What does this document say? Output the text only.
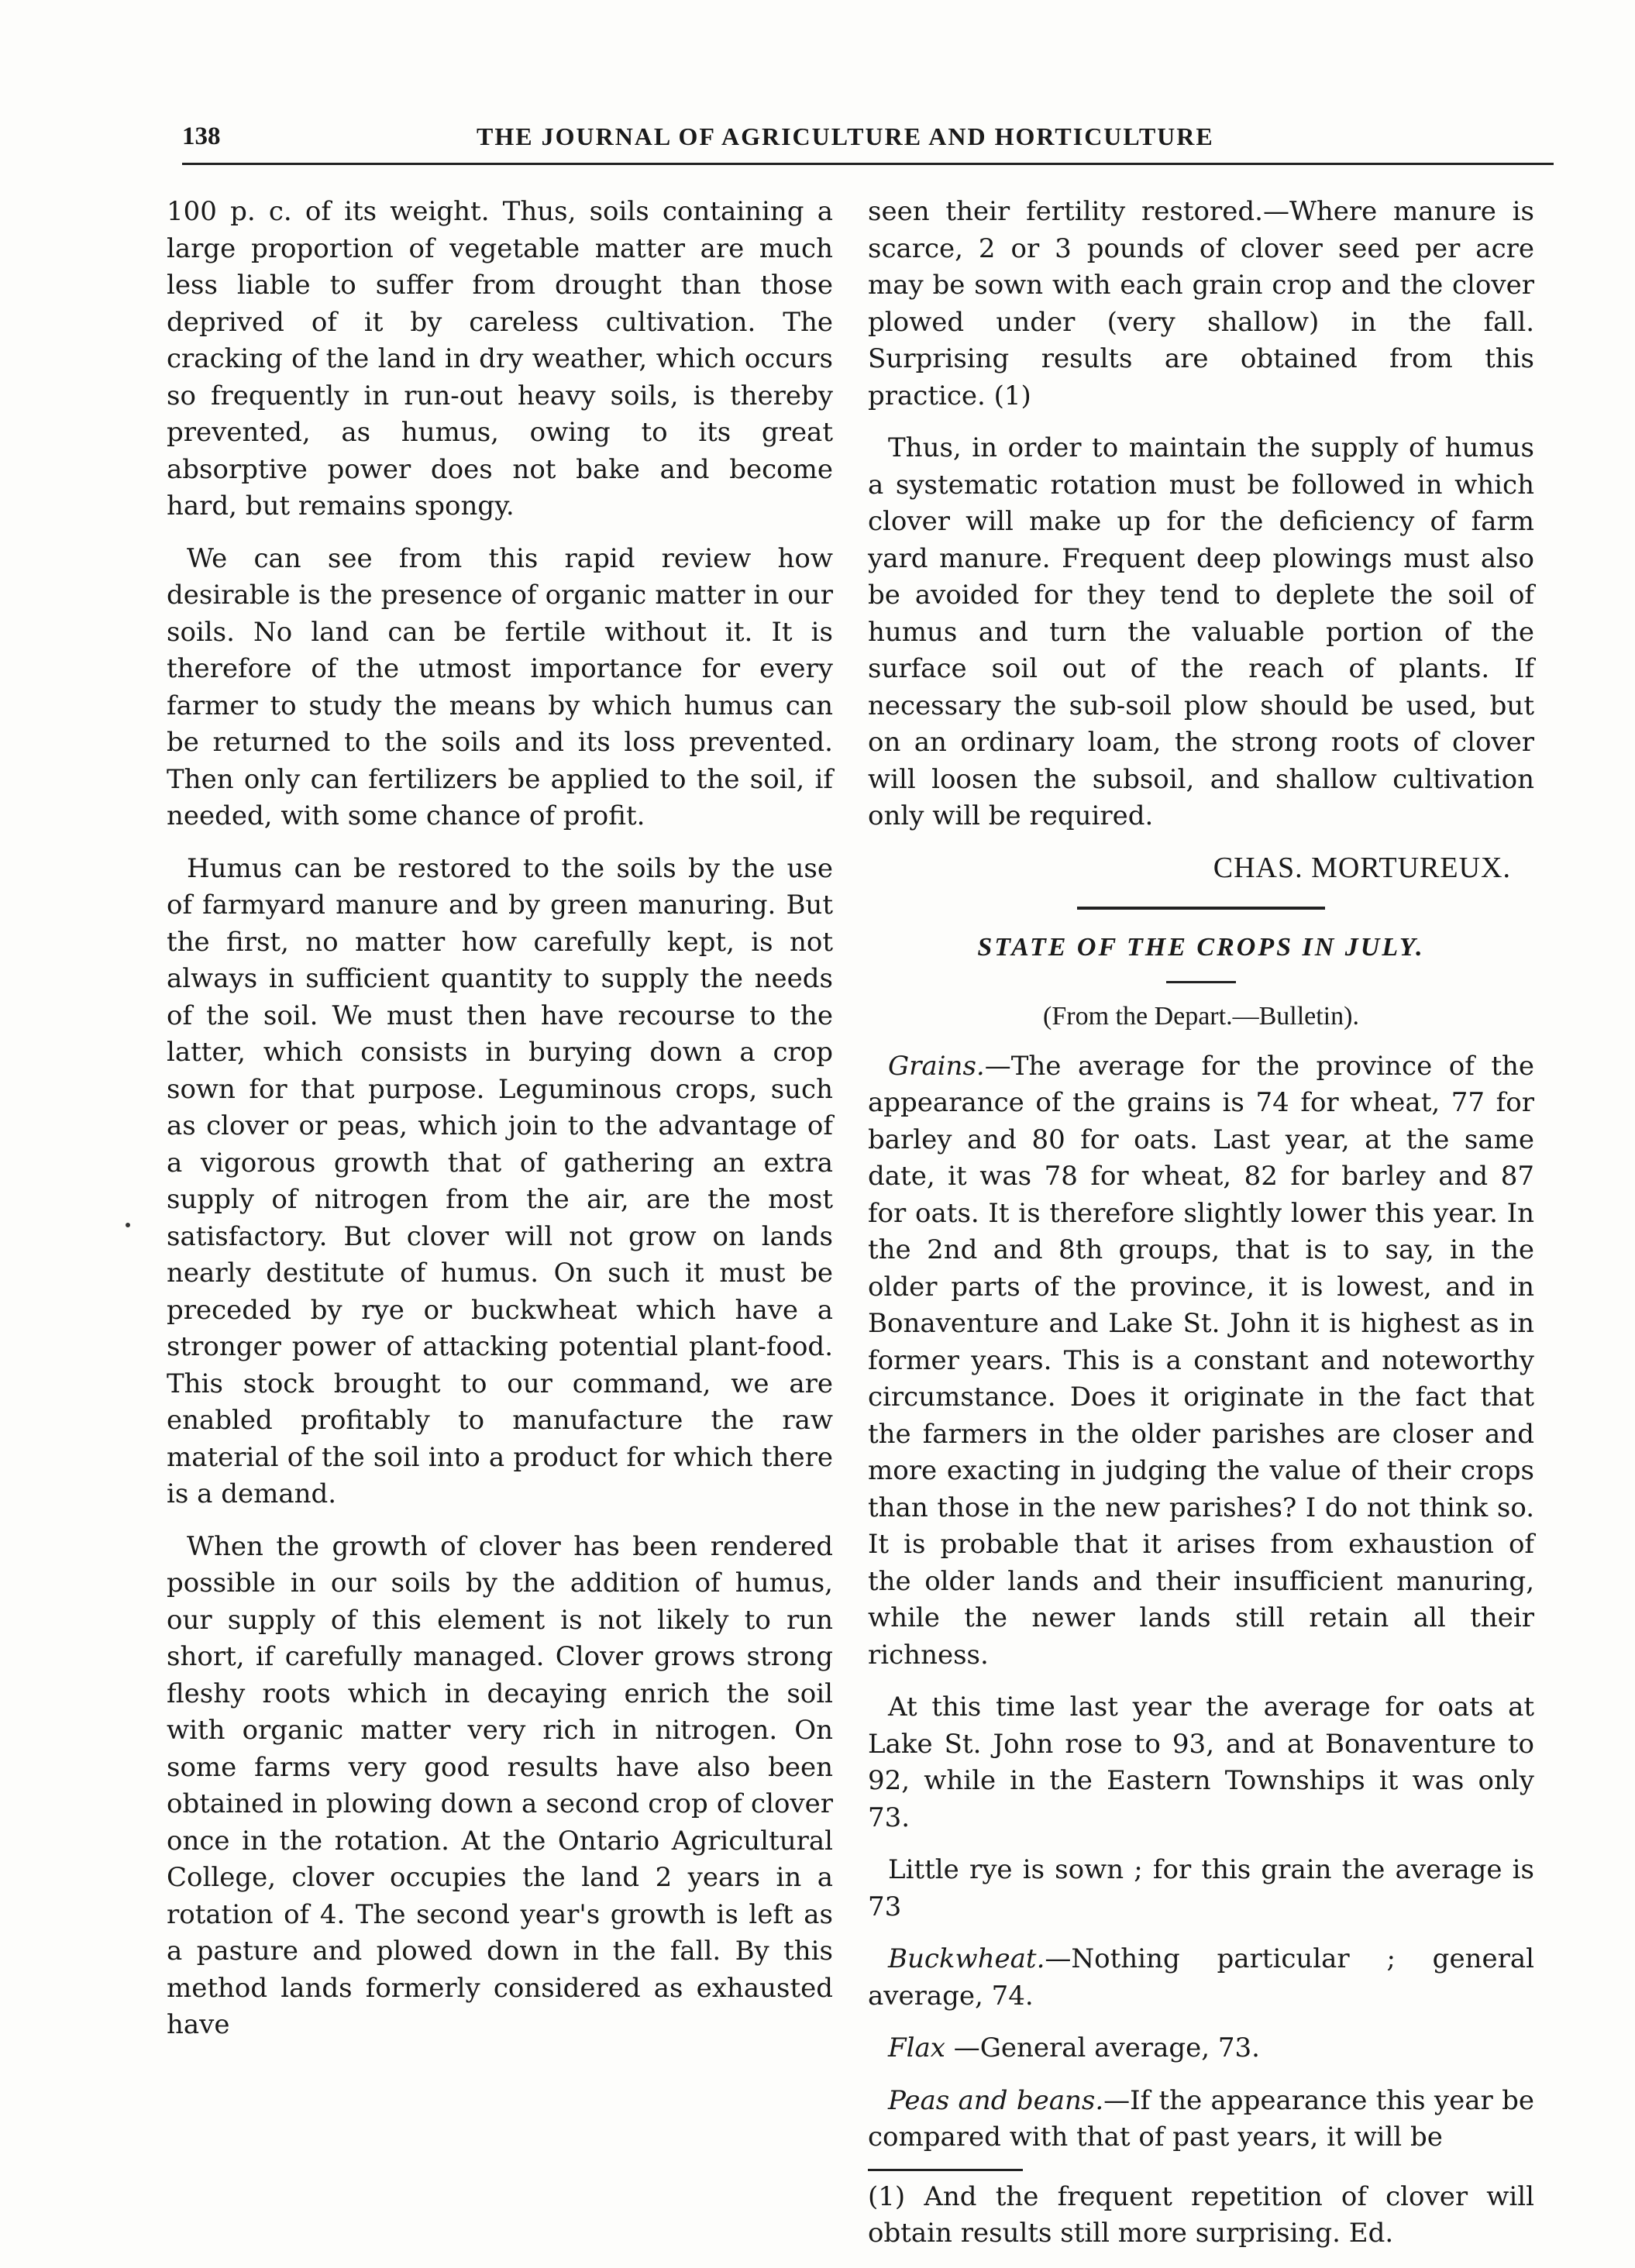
138	THE JOURNAL OF AGRICULTURE AND HORTICULTURE

100 p. c. of its weight. Thus, soils containing a large proportion of vegetable matter are much less liable to suffer from drought than those deprived of it by careless cultivation. The cracking of the land in dry weather, which occurs so frequently in run-out heavy soils, is thereby prevented, as humus, owing to its great absorptive power does not bake and become hard, but remains spongy.

We can see from this rapid review how desirable is the presence of organic matter in our soils. No land can be fertile without it. It is therefore of the utmost importance for every farmer to study the means by which humus can be returned to the soils and its loss prevented. Then only can fertilizers be applied to the soil, if needed, with some chance of profit.

Humus can be restored to the soils by the use of farmyard manure and by green manuring. But the first, no matter how carefully kept, is not always in sufficient quantity to supply the needs of the soil. We must then have recourse to the latter, which consists in burying down a crop sown for that purpose. Leguminous crops, such as clover or peas, which join to the advantage of a vigorous growth that of gathering an extra supply of nitrogen from the air, are the most satisfactory. But clover will not grow on lands nearly destitute of humus. On such it must be preceded by rye or buckwheat which have a stronger power of attacking potential plant-food. This stock brought to our command, we are enabled profitably to manufacture the raw material of the soil into a product for which there is a demand.

When the growth of clover has been rendered possible in our soils by the addition of humus, our supply of this element is not likely to run short, if carefully managed. Clover grows strong fleshy roots which in decaying enrich the soil with organic matter very rich in nitrogen. On some farms very good results have also been obtained in plowing down a second crop of clover once in the rotation. At the Ontario Agricultural College, clover occupies the land 2 years in a rotation of 4. The second year's growth is left as a pasture and plowed down in the fall. By this method lands formerly considered as exhausted have

seen their fertility restored.—Where manure is scarce, 2 or 3 pounds of clover seed per acre may be sown with each grain crop and the clover plowed under (very shallow) in the fall. Surprising results are obtained from this practice. (1)

Thus, in order to maintain the supply of humus a systematic rotation must be followed in which clover will make up for the deficiency of farm yard manure. Frequent deep plowings must also be avoided for they tend to deplete the soil of humus and turn the valuable portion of the surface soil out of the reach of plants. If necessary the sub-soil plow should be used, but on an ordinary loam, the strong roots of clover will loosen the subsoil, and shallow cultivation only will be required.

CHAS. MORTUREUX.
STATE OF THE CROPS IN JULY.
(From the Depart.—Bulletin).

Grains.—The average for the province of the appearance of the grains is 74 for wheat, 77 for barley and 80 for oats. Last year, at the same date, it was 78 for wheat, 82 for barley and 87 for oats. It is therefore slightly lower this year. In the 2nd and 8th groups, that is to say, in the older parts of the province, it is lowest, and in Bonaventure and Lake St. John it is highest as in former years. This is a constant and noteworthy circumstance. Does it originate in the fact that the farmers in the older parishes are closer and more exacting in judging the value of their crops than those in the new parishes? I do not think so. It is probable that it arises from exhaustion of the older lands and their insufficient manuring, while the newer lands still retain all their richness.

At this time last year the average for oats at Lake St. John rose to 93, and at Bonaventure to 92, while in the Eastern Townships it was only 73.

Little rye is sown ; for this grain the average is 73

Buckwheat.—Nothing particular ; general average, 74.

Flax —General average, 73.

Peas and beans.—If the appearance this year be compared with that of past years, it will be

(1) And the frequent repetition of clover will obtain results still more surprising. Ed.
